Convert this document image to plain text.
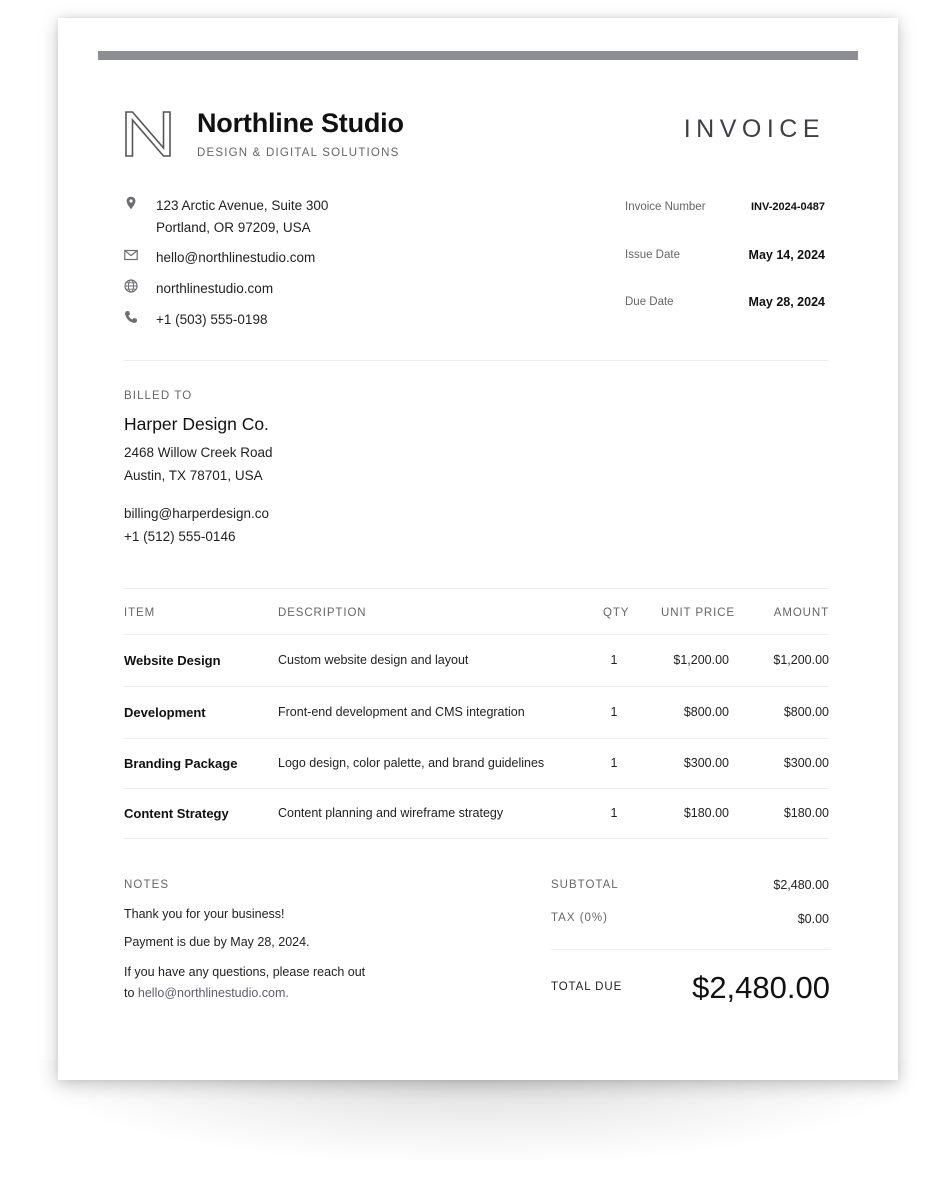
Northline Studio
DESIGN & DIGITAL SOLUTIONS
INVOICE
123 Arctic Avenue, Suite 300
Portland, OR 97209, USA
hello@northlinestudio.com
northlinestudio.com
+1 (503) 555-0198
Invoice Number	INV-2024-0487
Issue Date	May 14, 2024
Due Date	May 28, 2024
BILLED TO
Harper Design Co.
2468 Willow Creek Road
Austin, TX 78701, USA
billing@harperdesign.co
+1 (512) 555-0146
ITEM	DESCRIPTION	QTY	UNIT PRICE	AMOUNT
Website Design	Custom website design and layout	1	$1,200.00	$1,200.00
Development	Front-end development and CMS integration	1	$800.00	$800.00
Branding Package	Logo design, color palette, and brand guidelines	1	$300.00	$300.00
Content Strategy	Content planning and wireframe strategy	1	$180.00	$180.00
NOTES
Thank you for your business!
Payment is due by May 28, 2024.
If you have any questions, please reach out
to hello@northlinestudio.com.
SUBTOTAL	$2,480.00
TAX (0%)	$0.00
TOTAL DUE $2,480.00
